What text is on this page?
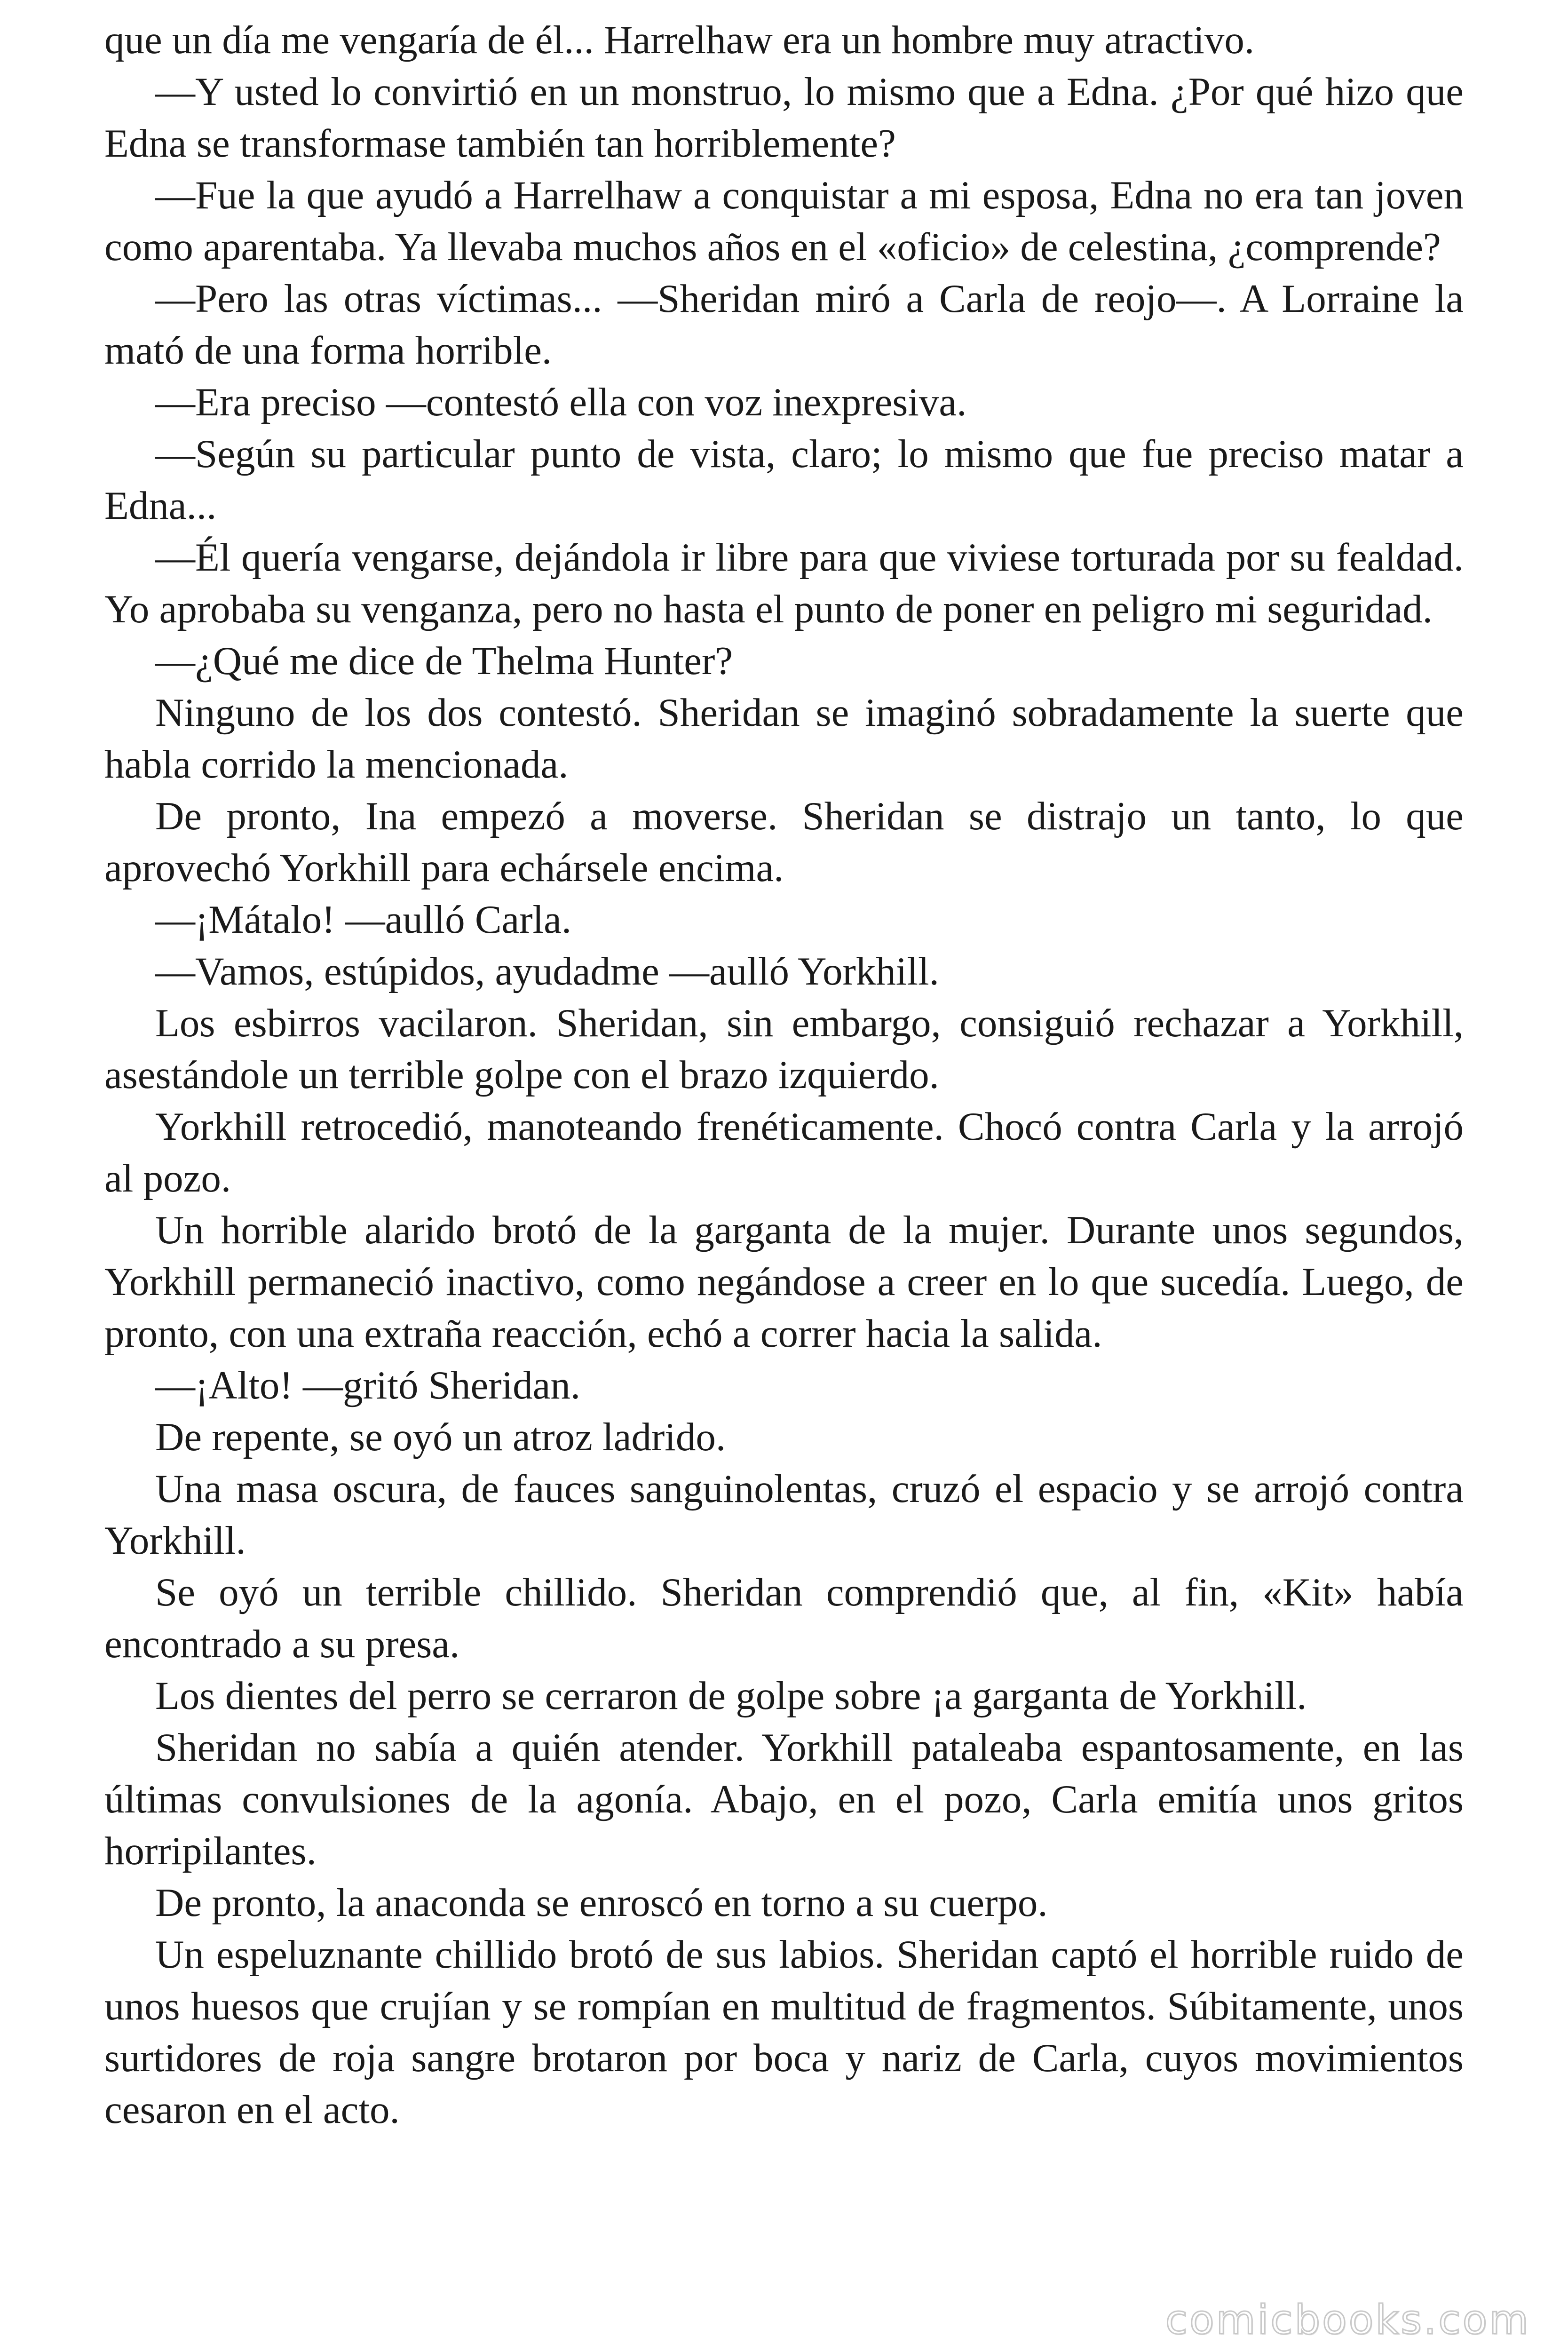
que un día me vengaría de él... Harrelhaw era un hombre muy atractivo.

—Y usted lo convirtió en un monstruo, lo mismo que a Edna. ¿Por qué hizo que Edna se transformase también tan horriblemente?

—Fue la que ayudó a Harrelhaw a conquistar a mi esposa, Edna no era tan joven como aparentaba. Ya llevaba muchos años en el «oficio» de celestina, ¿comprende?

—Pero las otras víctimas... —Sheridan miró a Carla de reojo—. A Lorraine la mató de una forma horrible.

—Era preciso —contestó ella con voz inexpresiva.

—Según su particular punto de vista, claro; lo mismo que fue preciso matar a Edna...

—Él quería vengarse, dejándola ir libre para que viviese torturada por su fealdad. Yo aprobaba su venganza, pero no hasta el punto de poner en peligro mi seguridad.

—¿Qué me dice de Thelma Hunter?

Ninguno de los dos contestó. Sheridan se imaginó sobradamente la suerte que habla corrido la mencionada.

De pronto, Ina empezó a moverse. Sheridan se distrajo un tanto, lo que aprovechó Yorkhill para echársele encima.

—¡Mátalo! —aulló Carla.

—Vamos, estúpidos, ayudadme —aulló Yorkhill.

Los esbirros vacilaron. Sheridan, sin embargo, consiguió rechazar a Yorkhill, asestándole un terrible golpe con el brazo izquierdo.

Yorkhill retrocedió, manoteando frenéticamente. Chocó contra Carla y la arrojó al pozo.

Un horrible alarido brotó de la garganta de la mujer. Durante unos segundos, Yorkhill permaneció inactivo, como negándose a creer en lo que sucedía. Luego, de pronto, con una extraña reacción, echó a correr hacia la salida.

—¡Alto! —gritó Sheridan.

De repente, se oyó un atroz ladrido.

Una masa oscura, de fauces sanguinolentas, cruzó el espacio y se arrojó contra Yorkhill.

Se oyó un terrible chillido. Sheridan comprendió que, al fin, «Kit» había encontrado a su presa.

Los dientes del perro se cerraron de golpe sobre ¡a garganta de Yorkhill.

Sheridan no sabía a quién atender. Yorkhill pataleaba espantosamente, en las últimas convulsiones de la agonía. Abajo, en el pozo, Carla emitía unos gritos horripilantes.

De pronto, la anaconda se enroscó en torno a su cuerpo.

Un espeluznante chillido brotó de sus labios. Sheridan captó el horrible ruido de unos huesos que crujían y se rompían en multitud de fragmentos. Súbitamente, unos surtidores de roja sangre brotaron por boca y nariz de Carla, cuyos movimientos cesaron en el acto.

comicbooks.com
